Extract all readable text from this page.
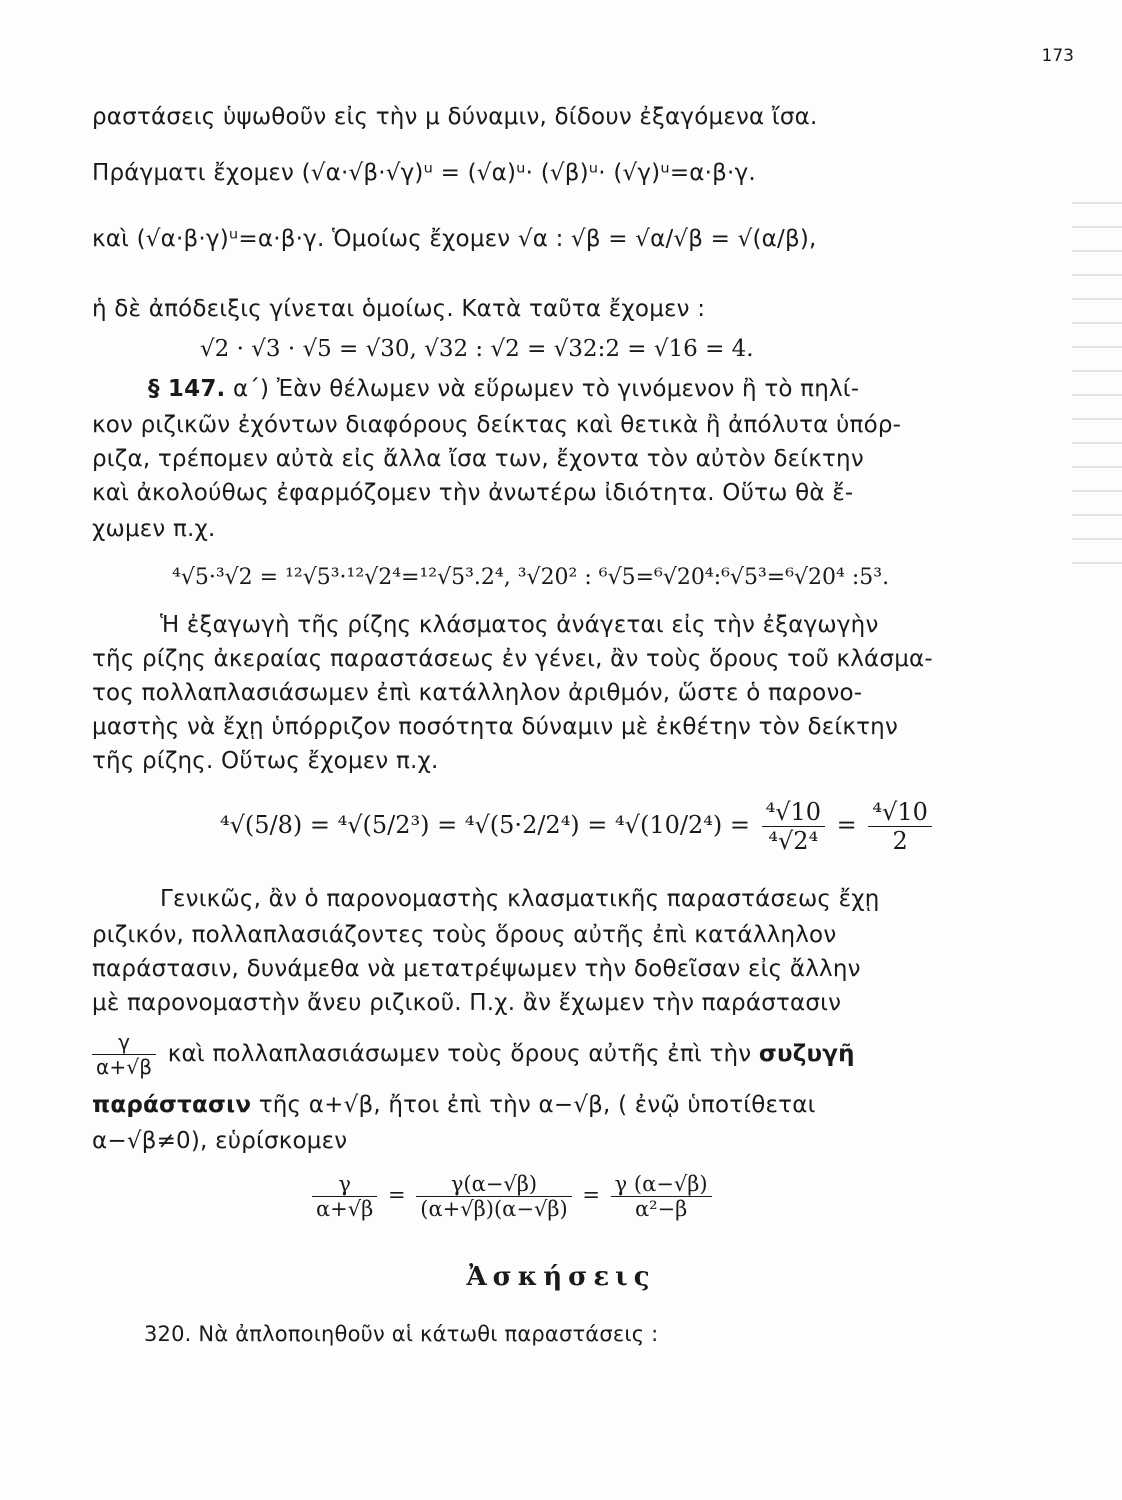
173
ραστάσεις ὑψωθοῦν εἰς τὴν μ δύναμιν, δίδουν ἐξαγόμενα ἴσα.
Πράγματι ἔχομεν (√α·√β·√γ)ᵘ = (√α)ᵘ· (√β)ᵘ· (√γ)ᵘ=α·β·γ.
καὶ (√α·β·γ)ᵘ=α·β·γ. Ὁμοίως ἔχομεν √α : √β = √α/√β = √(α/β),
ἡ δὲ ἀπόδειξις γίνεται ὁμοίως. Κατὰ ταῦτα ἔχομεν :
√2 · √3 · √5 = √30, √32 : √2 = √32:2 = √16 = 4.
§ 147. α΄) Ἐὰν θέλωμεν νὰ εὕρωμεν τὸ γινόμενον ἢ τὸ πηλί-
κον ριζικῶν ἐχόντων διαφόρους δείκτας καὶ θετικὰ ἢ ἀπόλυτα ὑπόρ-
ριζα, τρέπομεν αὐτὰ εἰς ἄλλα ἴσα των, ἔχοντα τὸν αὐτὸν δείκτην
καὶ ἀκολούθως ἐφαρμόζομεν τὴν ἀνωτέρω ἰδιότητα. Οὕτω θὰ ἔ-
χωμεν π.χ.
⁴√5·³√2 = ¹²√5³·¹²√2⁴=¹²√5³.2⁴, ³√20² : ⁶√5=⁶√20⁴:⁶√5³=⁶√20⁴ :5³.
Ἡ ἐξαγωγὴ τῆς ρίζης κλάσματος ἀνάγεται εἰς τὴν ἐξαγωγὴν
τῆς ρίζης ἀκεραίας παραστάσεως ἐν γένει, ἂν τοὺς ὅρους τοῦ κλάσμα-
τος πολλαπλασιάσωμεν ἐπὶ κατάλληλον ἀριθμόν, ὥστε ὁ παρονο-
μαστὴς νὰ ἔχῃ ὑπόρριζον ποσότητα δύναμιν μὲ ἐκθέτην τὸν δείκτην
τῆς ρίζης. Οὕτως ἔχομεν π.χ.
$^4√(5/8) = ^4√(5/2^3) = ^4√(5\cdot 2/2^4) = ^4√(10/2^4) = \frac{\text{⁴√10}}{\text{⁴√2⁴}} = \frac{\text{⁴√10}}{2}$
Γενικῶς, ἂν ὁ παρονομαστὴς κλασματικῆς παραστάσεως ἔχῃ
ριζικόν, πολλαπλασιάζοντες τοὺς ὅρους αὐτῆς ἐπὶ κατάλληλον
παράστασιν, δυνάμεθα νὰ μετατρέψωμεν τὴν δοθεῖσαν εἰς ἄλλην
μὲ παρονομαστὴν ἄνευ ριζικοῦ. Π.χ. ἂν ἔχωμεν τὴν παράστασιν
$\frac{\gamma}{\alpha+√\beta}$ καὶ πολλαπλασιάσωμεν τοὺς ὅρους αὐτῆς ἐπὶ τὴν συζυγῆ
παράστασιν τῆς α+√β, ἤτοι ἐπὶ τὴν α−√β, ( ἐνῷ ὑποτίθεται
α−√β≠0), εὑρίσκομεν
$\frac{\gamma}{\alpha+√\beta} = \frac{\gamma(\alpha-√\beta)}{(\alpha+√\beta)(\alpha-√\beta)} = \frac{\gamma (\alpha-√\beta)}{\text{α²−β}}$
Ἀσκήσεις
320. Νὰ ἀπλοποιηθοῦν αἱ κάτωθι παραστάσεις :
